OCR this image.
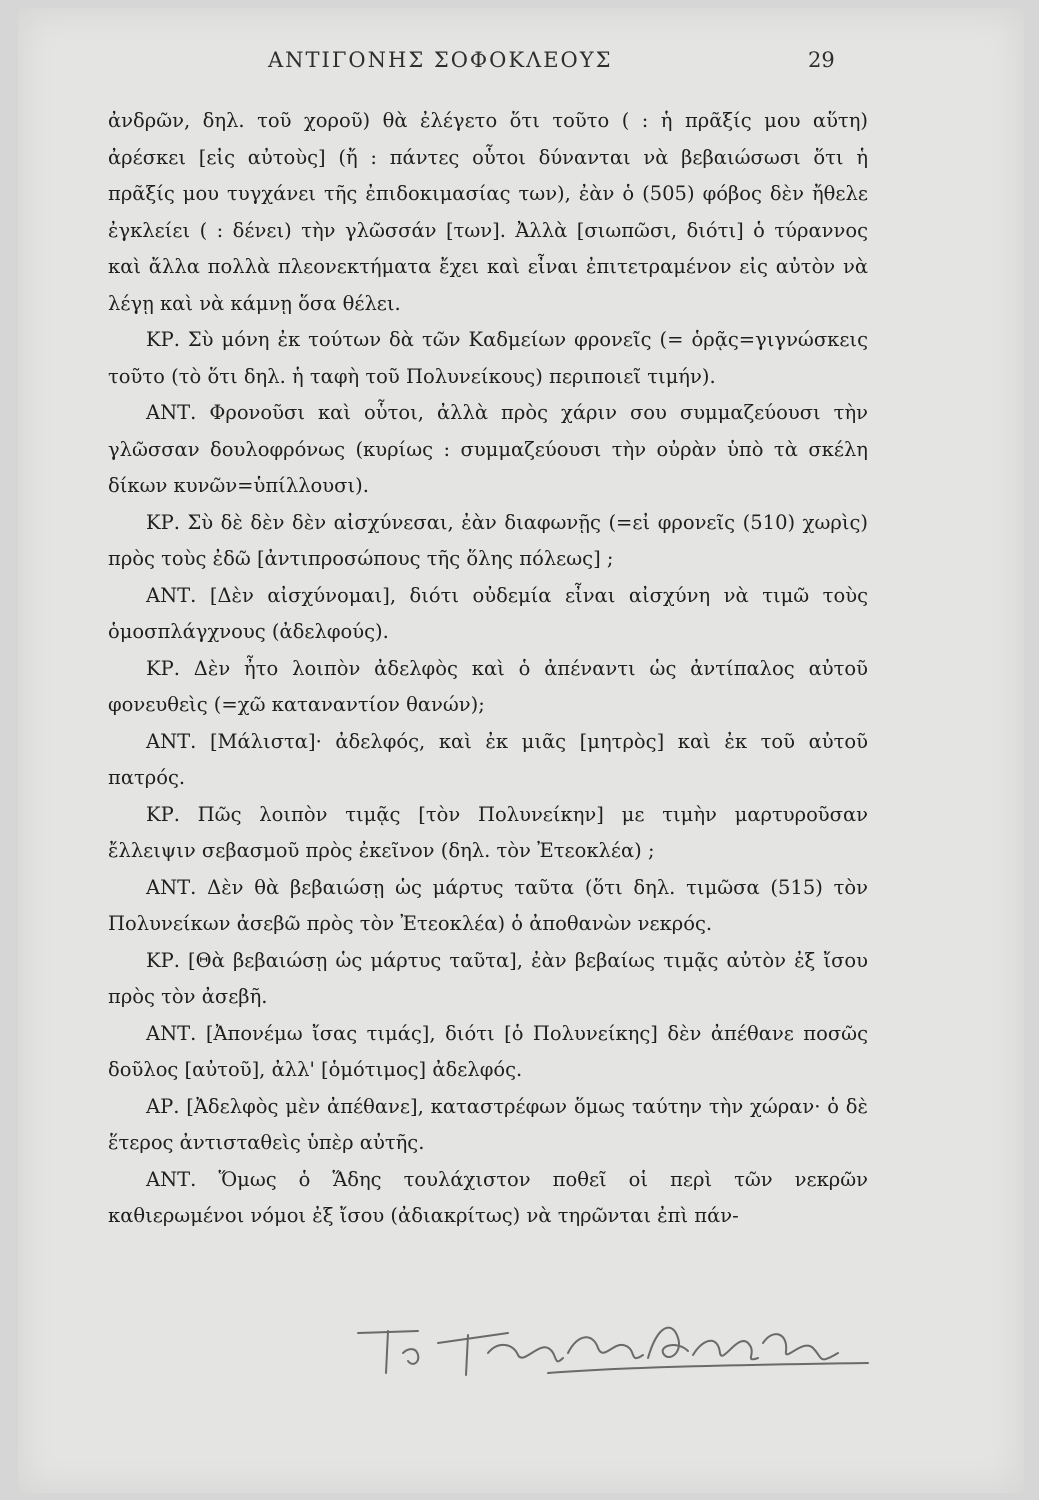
ΑΝΤΙΓΟΝΗΣ ΣΟΦΟΚΛΕΟΥΣ	29

ἀνδρῶν, δηλ. τοῦ χοροῦ) θὰ ἐλέγετο ὅτι τοῦτο ( : ἡ πρᾶξίς μου αὕτη) ἀρέσκει [εἰς αὐτοὺς] (ἤ : πάντες οὗτοι δύνανται νὰ βεβαιώσωσι ὅτι ἡ πρᾶξίς μου τυγχάνει τῆς ἐπιδοκιμασίας των), ἐὰν ὁ (505) φόβος δὲν ἤθελε ἐγκλείει ( : δένει) τὴν γλῶσσάν [των]. Ἀλλὰ [σιωπῶσι, διότι] ὁ τύραννος καὶ ἄλλα πολλὰ πλεονεκτήματα ἔχει καὶ εἶναι ἐπιτετραμένον εἰς αὐτὸν νὰ λέγῃ καὶ νὰ κάμνῃ ὅσα θέλει.

ΚΡ. Σὺ μόνη ἐκ τούτων δὰ τῶν Καδμείων φρονεῖς (= ὁρᾷς=γιγνώσκεις τοῦτο (τὸ ὅτι δηλ. ἡ ταφὴ τοῦ Πολυνείκους) περιποιεῖ τιμήν).

ΑΝΤ. Φρονοῦσι καὶ οὗτοι, ἀλλὰ πρὸς χάριν σου συμμαζεύουσι τὴν γλῶσσαν δουλοφρόνως (κυρίως : συμμαζεύουσι τὴν οὐρὰν ὑπὸ τὰ σκέλη δίκων κυνῶν=ὑπίλλουσι).

ΚΡ. Σὺ δὲ δὲν δὲν αἰσχύνεσαι, ἐὰν διαφωνῇς (=εἰ φρονεῖς (510) χωρὶς) πρὸς τοὺς ἐδῶ [ἀντιπροσώπους τῆς ὅλης πόλεως] ;

ΑΝΤ. [Δὲν αἰσχύνομαι], διότι οὐδεμία εἶναι αἰσχύνη νὰ τιμῶ τοὺς ὁμοσπλάγχνους (ἀδελφούς).

ΚΡ. Δὲν ἦτο λοιπὸν ἀδελφὸς καὶ ὁ ἀπέναντι ὡς ἀντίπαλος αὐτοῦ φονευθεὶς (=χῶ καταναντίον θανών);

ΑΝΤ. [Μάλιστα]· ἀδελφός, καὶ ἐκ μιᾶς [μητρὸς] καὶ ἐκ τοῦ αὐτοῦ πατρός.

ΚΡ. Πῶς λοιπὸν τιμᾷς [τὸν Πολυνείκην] με τιμὴν μαρτυροῦσαν ἔλλειψιν σεβασμοῦ πρὸς ἐκεῖνον (δηλ. τὸν Ἐτεοκλέα) ;

ΑΝΤ. Δὲν θὰ βεβαιώσῃ ὡς μάρτυς ταῦτα (ὅτι δηλ. τιμῶσα (515) τὸν Πολυνείκων ἀσεβῶ πρὸς τὸν Ἐτεοκλέα) ὁ ἀποθανὼν νεκρός.

ΚΡ. [Θὰ βεβαιώσῃ ὡς μάρτυς ταῦτα], ἐὰν βεβαίως τιμᾷς αὐτὸν ἐξ ἴσου πρὸς τὸν ἀσεβῆ.

ΑΝΤ. [Ἀπονέμω ἴσας τιμάς], διότι [ὁ Πολυνείκης] δὲν ἀπέθανε ποσῶς δοῦλος [αὐτοῦ], ἀλλ' [ὁμότιμος] ἀδελφός.

ΑΡ. [Ἀδελφὸς μὲν ἀπέθανε], καταστρέφων ὅμως ταύτην τὴν χώραν· ὁ δὲ ἕτερος ἀντισταθεὶς ὑπὲρ αὐτῆς.

ΑΝΤ. Ὅμως ὁ Ἅδης τουλάχιστον ποθεῖ οἱ περὶ τῶν νεκρῶν καθιερωμένοι νόμοι ἐξ ἴσου (ἀδιακρίτως) νὰ τηρῶνται ἐπὶ πάν-
